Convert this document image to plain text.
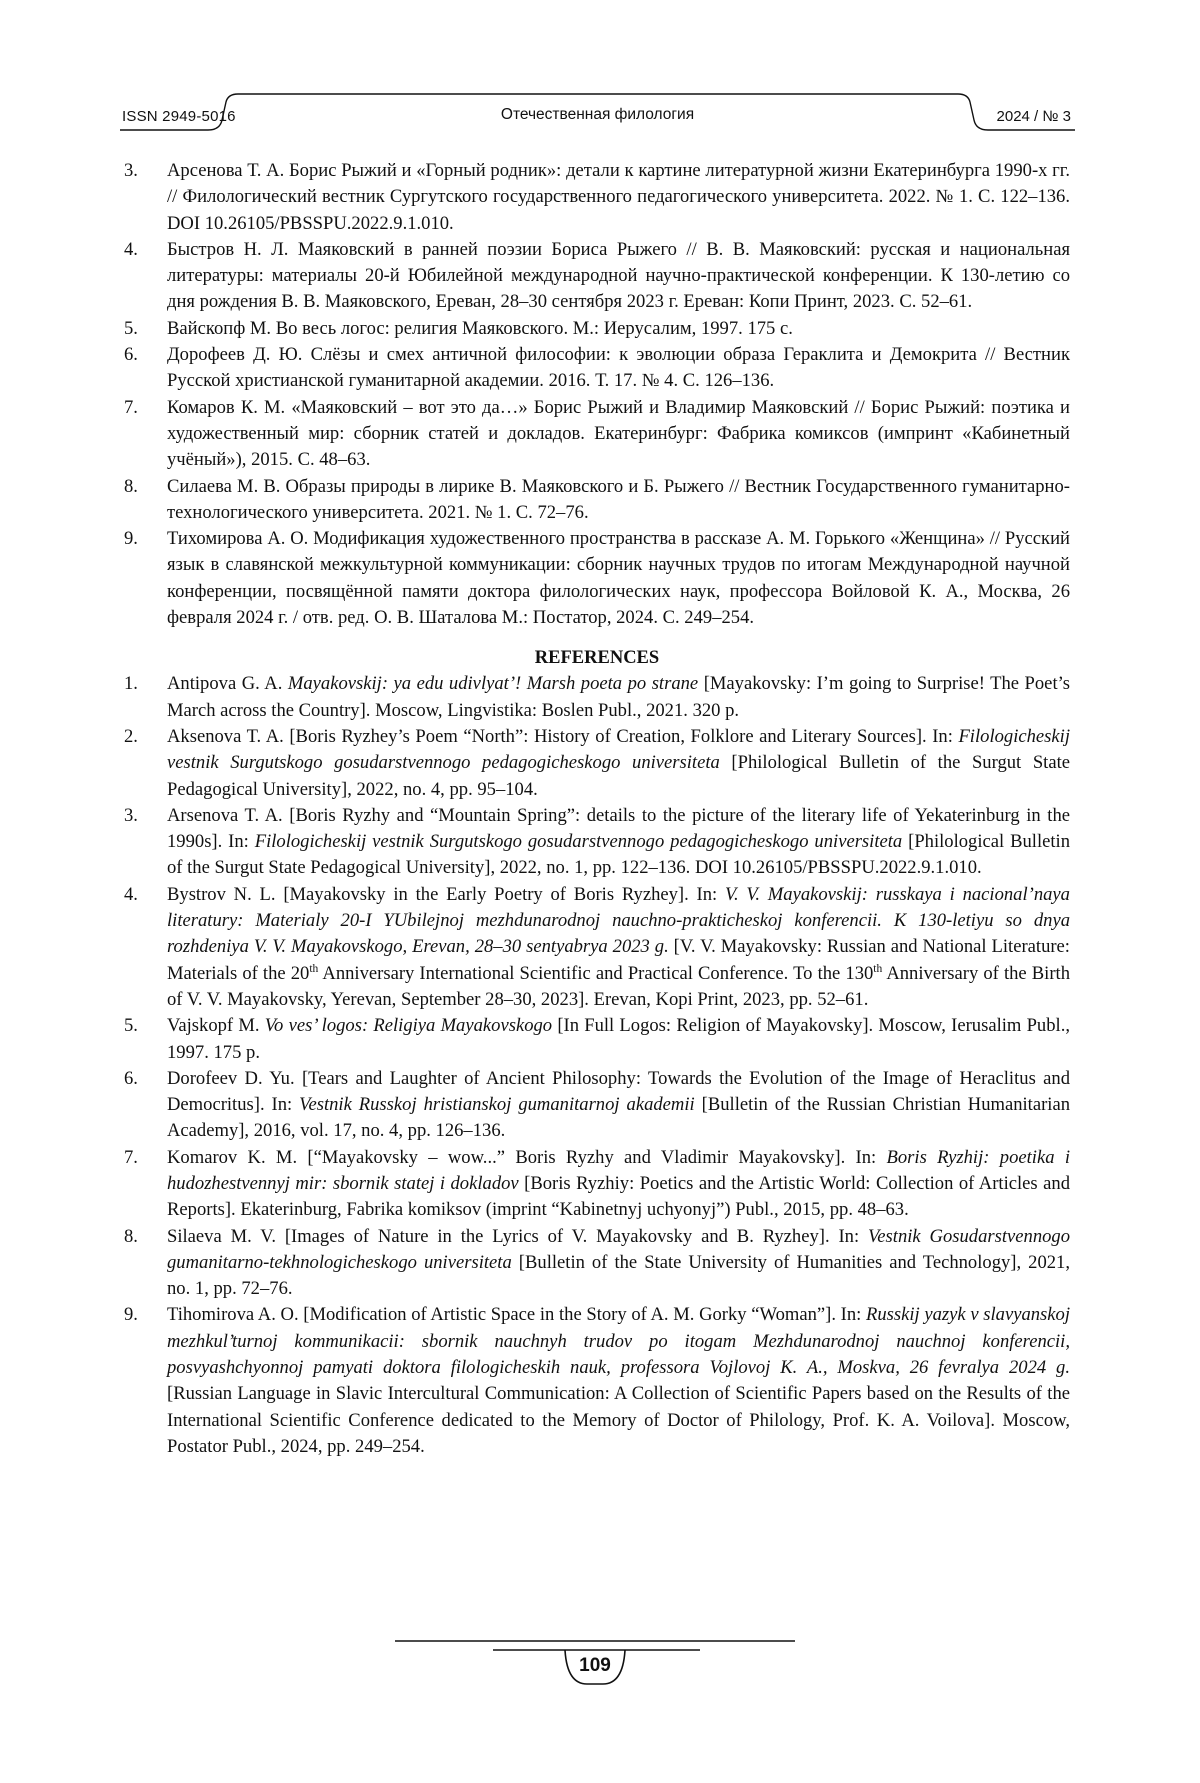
ISSN 2949-5016	Отечественная филология	2024 / № 3
3.	Арсенова Т. А. Борис Рыжий и «Горный родник»: детали к картине литературной жизни Екатеринбурга 1990-х гг. // Филологический вестник Сургутского государственного педагогического университета. 2022. № 1. С. 122–136. DOI 10.26105/PBSSPU.2022.9.1.010.
4.	Быстров Н. Л. Маяковский в ранней поэзии Бориса Рыжего // В. В. Маяковский: русская и национальная литературы: материалы 20-й Юбилейной международной научно-практической конференции. К 130-летию со дня рождения В. В. Маяковского, Ереван, 28–30 сентября 2023 г. Ереван: Копи Принт, 2023. С. 52–61.
5.	Вайскопф М. Во весь логос: религия Маяковского. М.: Иерусалим, 1997. 175 с.
6.	Дорофеев Д. Ю. Слёзы и смех античной философии: к эволюции образа Гераклита и Демокрита // Вестник Русской христианской гуманитарной академии. 2016. Т. 17. № 4. С. 126–136.
7.	Комаров К. М. «Маяковский – вот это да…» Борис Рыжий и Владимир Маяковский // Борис Рыжий: поэтика и художественный мир: сборник статей и докладов. Екатеринбург: Фабрика комиксов (импринт «Кабинетный учёный»), 2015. С. 48–63.
8.	Силаева М. В. Образы природы в лирике В. Маяковского и Б. Рыжего // Вестник Государственного гуманитарно-технологического университета. 2021. № 1. С. 72–76.
9.	Тихомирова А. О. Модификация художественного пространства в рассказе А. М. Горького «Женщина» // Русский язык в славянской межкультурной коммуникации: сборник научных трудов по итогам Международной научной конференции, посвящённой памяти доктора филологических наук, профессора Войловой К. А., Москва, 26 февраля 2024 г. / отв. ред. О. В. Шаталова М.: Постатор, 2024. С. 249–254.
REFERENCES
1.	Antipova G. A. Mayakovskij: ya edu udivlyat’! Marsh poeta po strane [Mayakovsky: I’m going to Surprise! The Poet’s March across the Country]. Moscow, Lingvistika: Boslen Publ., 2021. 320 p.
2.	Aksenova T. A. [Boris Ryzhey’s Poem “North”: History of Creation, Folklore and Literary Sources]. In: Filologicheskij vestnik Surgutskogo gosudarstvennogo pedagogicheskogo universiteta [Philological Bulletin of the Surgut State Pedagogical University], 2022, no. 4, pp. 95–104.
3.	Arsenova T. A. [Boris Ryzhy and “Mountain Spring”: details to the picture of the literary life of Yekaterinburg in the 1990s]. In: Filologicheskij vestnik Surgutskogo gosudarstvennogo pedagogicheskogo universiteta [Philological Bulletin of the Surgut State Pedagogical University], 2022, no. 1, pp. 122–136. DOI 10.26105/PBSSPU.2022.9.1.010.
4.	Bystrov N. L. [Mayakovsky in the Early Poetry of Boris Ryzhey]. In: V. V. Mayakovskij: russkaya i nacional’naya literatury: Materialy 20-I YUbilejnoj mezhdunarodnoj nauchno-prakticheskoj konferencii. K 130-letiyu so dnya rozhdeniya V. V. Mayakovskogo, Erevan, 28–30 sentyabrya 2023 g. [V. V. Mayakovsky: Russian and National Literature: Materials of the 20th Anniversary International Scientific and Practical Conference. To the 130th Anniversary of the Birth of V. V. Mayakovsky, Yerevan, September 28–30, 2023]. Erevan, Kopi Print, 2023, pp. 52–61.
5.	Vajskopf M. Vo ves’ logos: Religiya Mayakovskogo [In Full Logos: Religion of Mayakovsky]. Moscow, Ierusalim Publ., 1997. 175 p.
6.	Dorofeev D. Yu. [Tears and Laughter of Ancient Philosophy: Towards the Evolution of the Image of Heraclitus and Democritus]. In: Vestnik Russkoj hristianskoj gumanitarnoj akademii [Bulletin of the Russian Christian Humanitarian Academy], 2016, vol. 17, no. 4, pp. 126–136.
7.	Komarov K. M. [“Mayakovsky – wow...” Boris Ryzhy and Vladimir Mayakovsky]. In: Boris Ryzhij: poetika i hudozhestvennyj mir: sbornik statej i dokladov [Boris Ryzhiy: Poetics and the Artistic World: Collection of Articles and Reports]. Ekaterinburg, Fabrika komiksov (imprint “Kabinetnyj uchyonyj”) Publ., 2015, pp. 48–63.
8.	Silaeva M. V. [Images of Nature in the Lyrics of V. Mayakovsky and B. Ryzhey]. In: Vestnik Gosudarstvennogo gumanitarno-tekhnologicheskogo universiteta [Bulletin of the State University of Humanities and Technology], 2021, no. 1, pp. 72–76.
9.	Tihomirova A. O. [Modification of Artistic Space in the Story of A. M. Gorky “Woman”]. In: Russkij yazyk v slavyanskoj mezhkul’turnoj kommunikacii: sbornik nauchnyh trudov po itogam Mezhdunarodnoj nauchnoj konferencii, posvyashchyonnoj pamyati doktora filologicheskih nauk, professora Vojlovoj K. A., Moskva, 26 fevralya 2024 g. [Russian Language in Slavic Intercultural Communication: A Collection of Scientific Papers based on the Results of the International Scientific Conference dedicated to the Memory of Doctor of Philology, Prof. K. A. Voilova]. Moscow, Postator Publ., 2024, pp. 249–254.
109
